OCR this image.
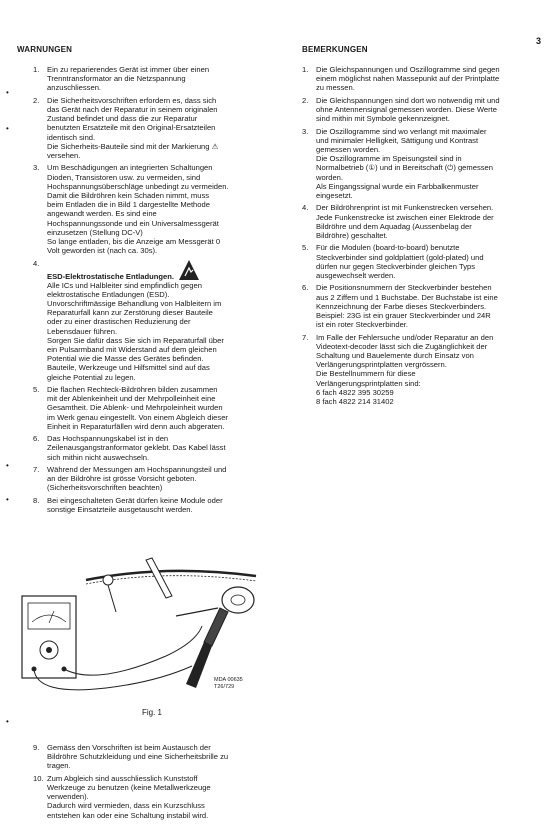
3
WARNUNGEN	BEMERKUNGEN
1. Ein zu reparierendes Gerät ist immer über einen

Trenntransformator an die Netzspannung

anzuschliessen.

2. Die Sicherheitsvorschriften erfordern es, dass sich

das Gerät nach der Reparatur in seinem originalen

Zustand befindet und dass die zur Reparatur

benutzten Ersatzteile mit den Original-Ersatzteilen

identisch sind.

Die Sicherheits-Bauteile sind mit der Markierung ⚠

versehen.

3. Um Beschädigungen an integrierten Schaltungen

Dioden, Transistoren usw. zu vermeiden, sind

Hochspannungsüberschläge unbedingt zu vermeiden.

Damit die Bildröhren kein Schaden nimmt, muss

beim Entladen die in Bild 1 dargestellte Methode

angewandt werden. Es sind eine

Hochspannungssonde und ein Universalmessgerät

einzusetzen (Stellung DC-V)

So lange entladen, bis die Anzeige am Messgerät 0

Volt geworden ist (nach ca. 30s).

4.

ESD-Elektrostatische Entladungen.

Alle ICs und Halbleiter sind empfindlich gegen

elektrostatische Entladungen (ESD).

Unvorschriftmässige Behandlung von Halbleitern im

Reparaturfall kann zur Zerstörung dieser Bauteile

oder zu einer drastischen Reduzierung der

Lebensdauer führen.

Sorgen Sie dafür dass Sie sich im Reparaturfall über

ein Pulsarmband mit Widerstand auf dem gleichen

Potential wie die Masse des Gerätes befinden.

Bauteile, Werkzeuge und Hilfsmittel sind auf das

gleiche Potential zu legen.

5. Die flachen Rechteck-Bildröhren bilden zusammen

mit der Ablenkeinheit und der Mehrpolleinheit eine

Gesamtheit. Die Ablenk- und Mehrpoleinheit wurden

im Werk genau eingestellt. Von einem Abgleich dieser

Einheit in Reparaturfällen wird denn auch abgeraten.

6. Das Hochspannungskabel ist in den

Zeilenausgangstranformator geklebt. Das Kabel lässt

sich mithin nicht auswechseln.

7. Während der Messungen am Hochspannungsteil und

an der Bildröhre ist grösse Vorsicht geboten.

(Sicherheitsvorschriften beachten)

8. Bei eingeschalteten Gerät dürfen keine Module oder

sonstige Einsatzteile ausgetauscht werden.

1. Die Gleichspannungen und Oszillogramme sind gegen

einem möglichst nahen Massepunkt auf der Printplatte

zu messen.

2. Die Gleichspannungen sind dort wo notwendig mit und

ohne Antennensignal gemessen worden. Diese Werte

sind mithin mit Symbole gekennzeignet.

3. Die Oszillogramme sind wo verlangt mit maximaler

und minimaler Helligkeit, Sättigung und Kontrast

gemessen worden.

Die Oszillogramme im Speisungsteil sind in

Normalbetrieb (①) und in Bereitschaft (⏻) gemessen

worden.

Als Eingangssignal wurde ein Farbbalkenmuster

eingesetzt.

4. Der Bildröhrenprint ist mit Funkenstrecken versehen.

Jede Funkenstrecke ist zwischen einer Elektrode der

Bildröhre und dem Aquadag (Aussenbelag der

Bildröhre) geschaltet.

5. Für die Modulen (board-to-board) benutzte

Steckverbinder sind goldplattiert (gold-plated) und

dürfen nur gegen Steckverbinder gleichen Typs

ausgewechselt werden.

6. Die Positionsnummern der Steckverbinder bestehen

aus 2 Ziffern und 1 Buchstabe. Der Buchstabe ist eine

Kennzeichnung der Farbe dieses Steckverbinders.

Beispiel: 23G ist ein grauer Steckverbinder und 24R

ist ein roter Steckverbinder.

7. Im Falle der Fehlersuche und/oder Reparatur an den

Videotext-decoder lässt sich die Zugänglichkeit der

Schaltung und Bauelemente durch Einsatz von

Verlängerungsprintplatten vergrössern.

Die Bestellnummern für diese

Verlängerungsprintplatten sind:

6 fach 4822 395 30259

8 fach 4822 214 31402

9. Gemäss den Vorschriften ist beim Austausch der

Bildröhre Schutzkleidung und eine Sicherheitsbrille zu

tragen.

10. Zum Abgleich sind ausschliesslich Kunststoff

Werkzeuge zu benutzen (keine Metallwerkzeuge

verwenden).

Dadurch wird vermieden, dass ein Kurzschluss

entstehen kan oder eine Schaltung instabil wird.

MDA 00635
T26/729
Fig. 1
•
•
•
•
•
